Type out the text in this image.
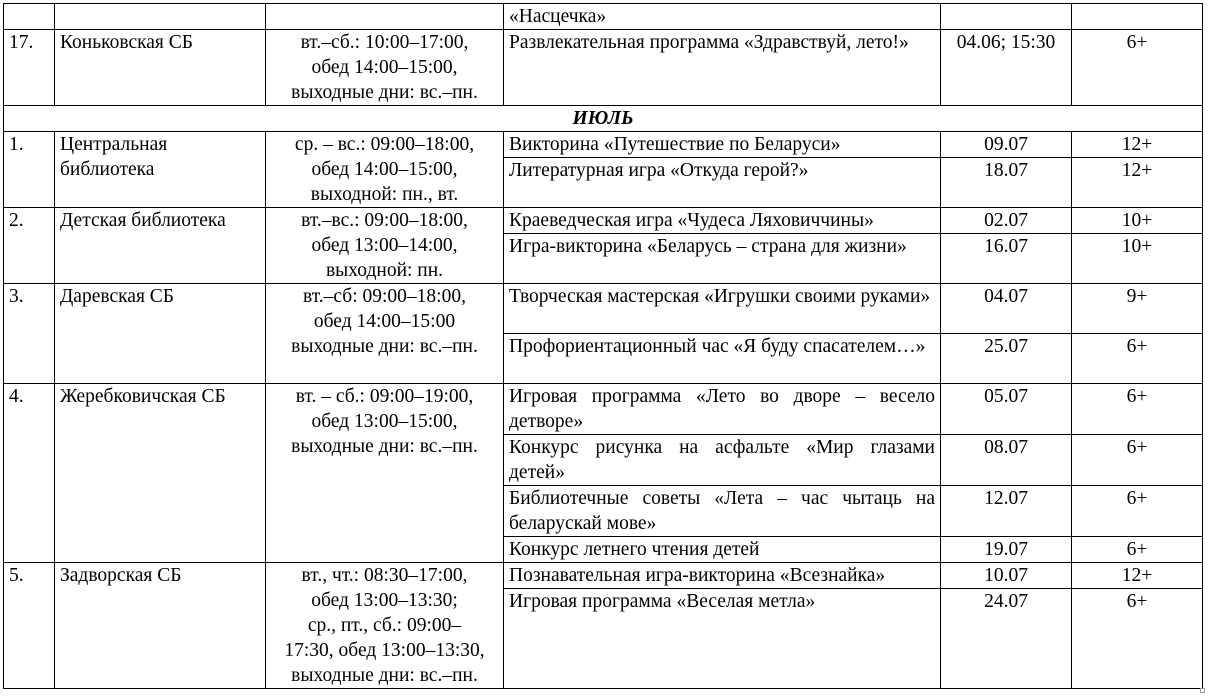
			«Насцечка»		
17.	Коньковская СБ	вт.–сб.: 10:00–17:00,
обед 14:00–15:00,
выходные дни: вс.–пн.	Развлекательная программа «Здравствуй, лето!»	04.06; 15:30	6+
ИЮЛЬ					
1.	Центральная библиотека	ср. – вс.: 09:00–18:00,
обед 14:00–15:00,
выходной: пн., вт.	Викторина «Путешествие по Беларуси»	09.07	12+
			Литературная игра «Откуда герой?»	18.07	12+
2.	Детская библиотека	вт.–вс.: 09:00–18:00,
обед 13:00–14:00,
выходной: пн.	Краеведческая игра «Чудеса Ляховиччины»	02.07	10+
			Игра-викторина «Беларусь – страна для жизни»	16.07	10+
3.	Даревская СБ	вт.–сб: 09:00–18:00,
обед 14:00–15:00
выходные дни: вс.–пн.	Творческая мастерская «Игрушки своими руками»	04.07	9+
			Профориентационный час «Я буду спасателем…»	25.07	6+
4.	Жеребковичская СБ	вт. – сб.: 09:00–19:00,
обед 13:00–15:00,
выходные дни: вс.–пн.	Игровая программа «Лето во дворе – весело детворе»	05.07	6+
			Конкурс рисунка на асфальте «Мир глазами детей»	08.07	6+
			Библиотечные советы «Лета – час чытаць на беларускай мове»	12.07	6+
			Конкурс летнего чтения детей	19.07	6+
5.	Задворская СБ	вт., чт.: 08:30–17:00,
обед 13:00–13:30;
ср., пт., сб.: 09:00–
17:30, обед 13:00–13:30,
выходные дни: вс.–пн.	Познавательная игра-викторина «Всезнайка»	10.07	12+
			Игровая программа «Веселая метла»	24.07	6+
